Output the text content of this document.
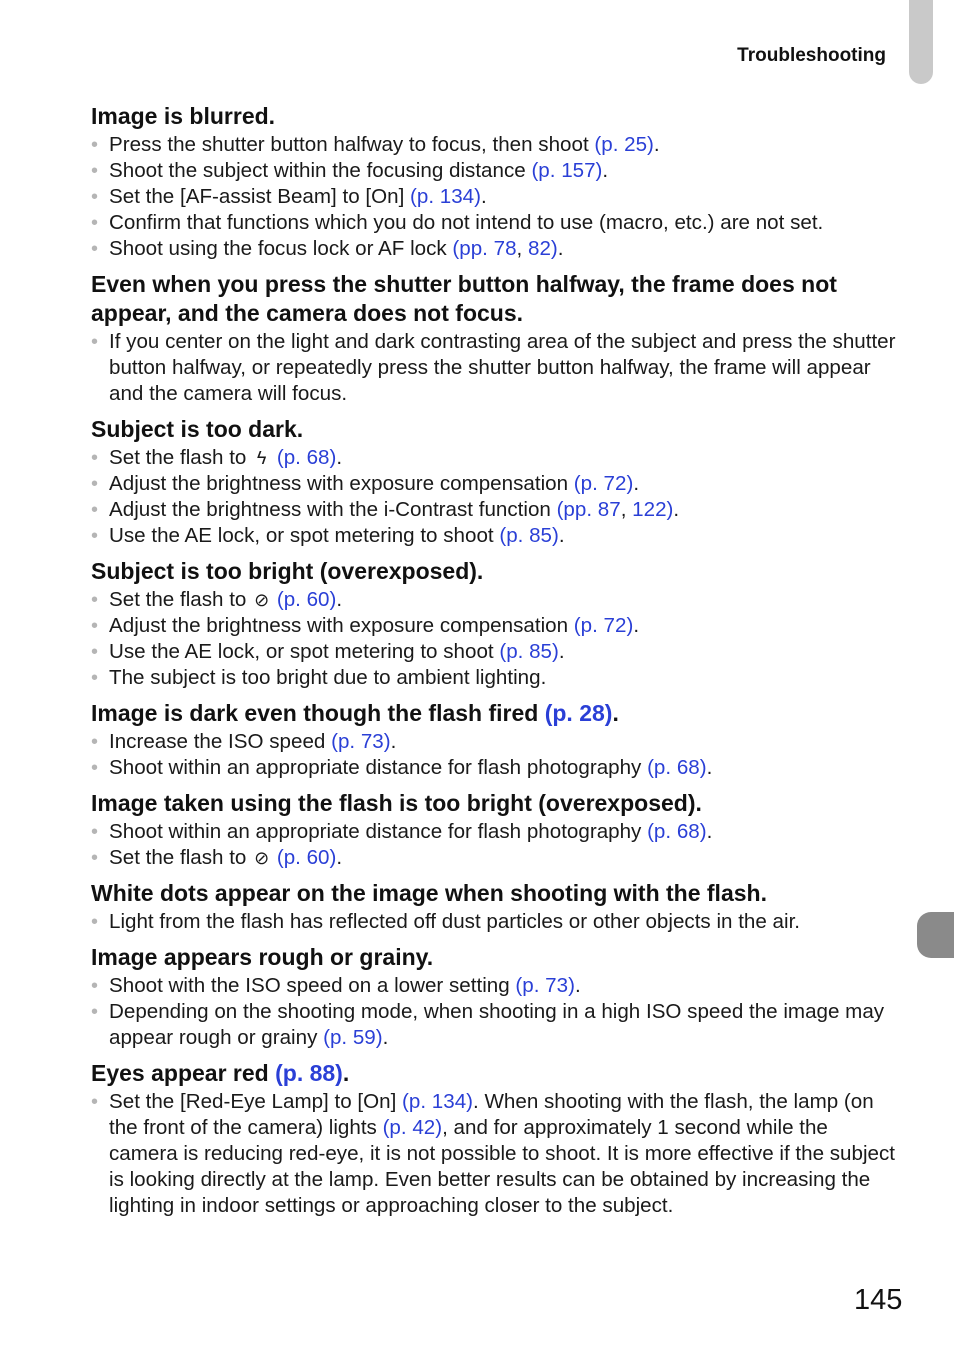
Troubleshooting
Image is blurred.
• Press the shutter button halfway to focus, then shoot (p. 25).
• Shoot the subject within the focusing distance (p. 157).
• Set the [AF-assist Beam] to [On] (p. 134).
• Confirm that functions which you do not intend to use (macro, etc.) are not set.
• Shoot using the focus lock or AF lock (pp. 78, 82).
Even when you press the shutter button halfway, the frame does not appear, and the camera does not focus.
• If you center on the light and dark contrasting area of the subject and press the shutter button halfway, or repeatedly press the shutter button halfway, the frame will appear and the camera will focus.
Subject is too dark.
• Set the flash to ϟ (p. 68).
• Adjust the brightness with exposure compensation (p. 72).
• Adjust the brightness with the i-Contrast function (pp. 87, 122).
• Use the AE lock, or spot metering to shoot (p. 85).
Subject is too bright (overexposed).
• Set the flash to ⊘ (p. 60).
• Adjust the brightness with exposure compensation (p. 72).
• Use the AE lock, or spot metering to shoot (p. 85).
• The subject is too bright due to ambient lighting.
Image is dark even though the flash fired (p. 28).
• Increase the ISO speed (p. 73).
• Shoot within an appropriate distance for flash photography (p. 68).
Image taken using the flash is too bright (overexposed).
• Shoot within an appropriate distance for flash photography (p. 68).
• Set the flash to ⊘ (p. 60).
White dots appear on the image when shooting with the flash.
• Light from the flash has reflected off dust particles or other objects in the air.
Image appears rough or grainy.
• Shoot with the ISO speed on a lower setting (p. 73).
• Depending on the shooting mode, when shooting in a high ISO speed the image may appear rough or grainy (p. 59).
Eyes appear red (p. 88).
• Set the [Red-Eye Lamp] to [On] (p. 134). When shooting with the flash, the lamp (on the front of the camera) lights (p. 42), and for approximately 1 second while the camera is reducing red-eye, it is not possible to shoot. It is more effective if the subject is looking directly at the lamp. Even better results can be obtained by increasing the lighting in indoor settings or approaching closer to the subject.
145
